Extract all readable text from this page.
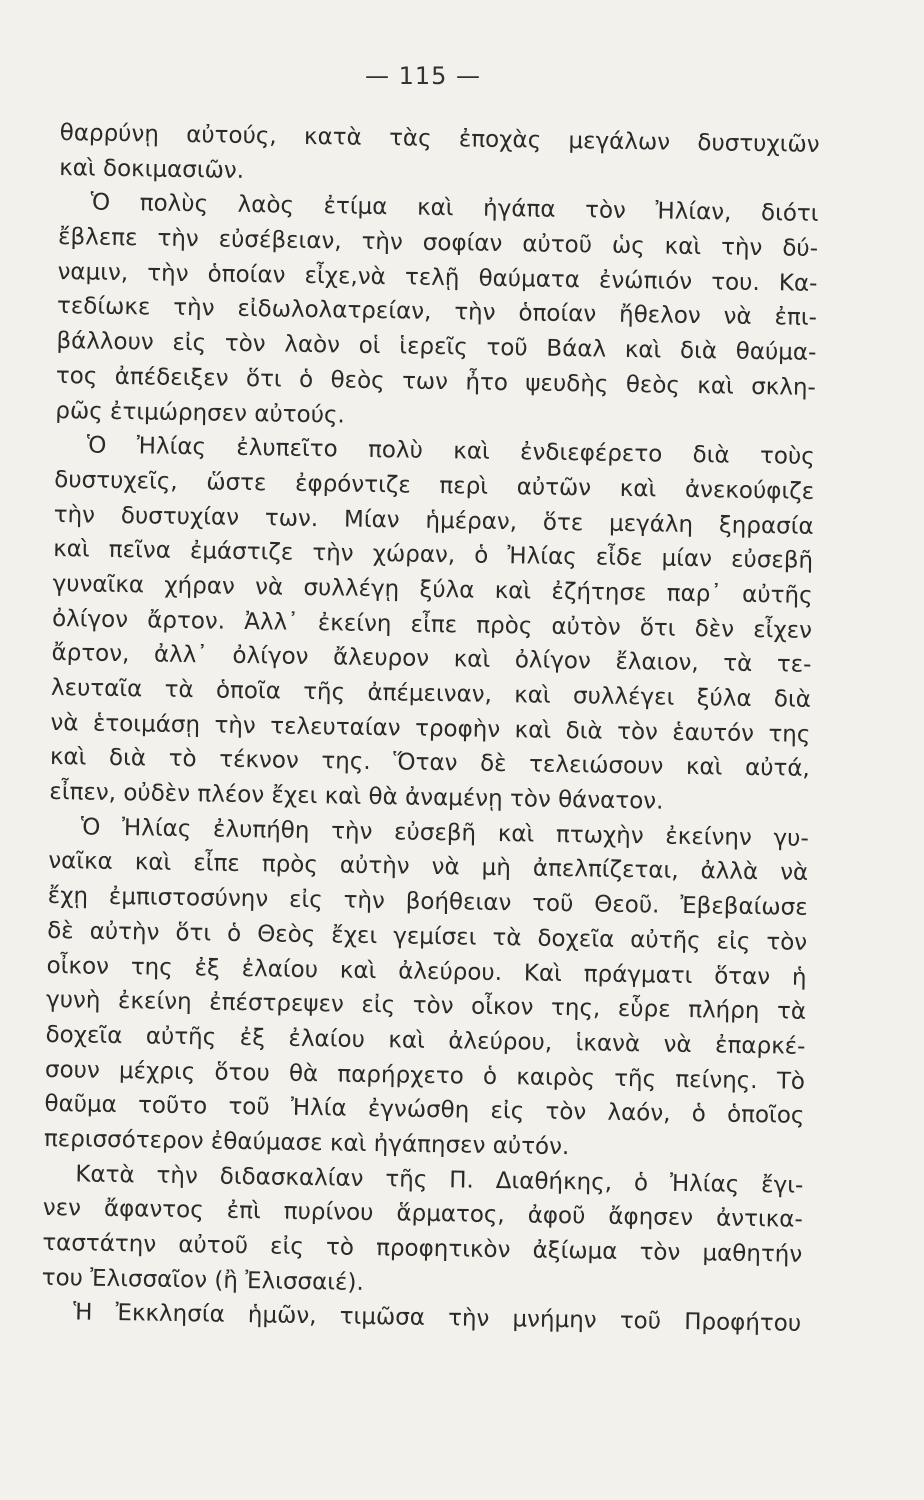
— 115 —
θαρρύνῃ αὐτούς, κατὰ τὰς ἐποχὰς μεγάλων δυστυχιῶν
καὶ δοκιμασιῶν.
Ὁ πολὺς λαὸς ἐτίμα καὶ ἠγάπα τὸν Ἠλίαν, διότι
ἔβλεπε τὴν εὐσέβειαν, τὴν σοφίαν αὐτοῦ ὡς καὶ τὴν δύ-
ναμιν, τὴν ὁποίαν εἶχε,νὰ τελῇ θαύματα ἐνώπιόν του. Κα-
τεδίωκε τὴν εἰδωλολατρείαν, τὴν ὁποίαν ἤθελον νὰ ἐπι-
βάλλουν εἰς τὸν λαὸν οἱ ἱερεῖς τοῦ Βάαλ καὶ διὰ θαύμα-
τος ἀπέδειξεν ὅτι ὁ θεὸς των ἦτο ψευδὴς θεὸς καὶ σκλη-
ρῶς ἐτιμώρησεν αὐτούς.
Ὁ Ἠλίας ἐλυπεῖτο πολὺ καὶ ἐνδιεφέρετο διὰ τοὺς
δυστυχεῖς, ὥστε ἐφρόντιζε περὶ αὐτῶν καὶ ἀνεκούφιζε
τὴν δυστυχίαν των. Μίαν ἡμέραν, ὅτε μεγάλη ξηρασία
καὶ πεῖνα ἐμάστιζε τὴν χώραν, ὁ Ἠλίας εἶδε μίαν εὐσεβῆ
γυναῖκα χήραν νὰ συλλέγῃ ξύλα καὶ ἐζήτησε παρ᾽ αὐτῆς
ὀλίγον ἄρτον. Ἀλλ᾽ ἐκείνη εἶπε πρὸς αὐτὸν ὅτι δὲν εἶχεν
ἄρτον, ἀλλ᾽ ὀλίγον ἄλευρον καὶ ὀλίγον ἔλαιον, τὰ τε-
λευταῖα τὰ ὁποῖα τῆς ἀπέμειναν, καὶ συλλέγει ξύλα διὰ
νὰ ἑτοιμάσῃ τὴν τελευταίαν τροφὴν καὶ διὰ τὸν ἑαυτόν της
καὶ διὰ τὸ τέκνον της. Ὅταν δὲ τελειώσουν καὶ αὐτά,
εἶπεν, οὐδὲν πλέον ἔχει καὶ θὰ ἀναμένῃ τὸν θάνατον.
Ὁ Ἠλίας ἐλυπήθη τὴν εὐσεβῆ καὶ πτωχὴν ἐκείνην γυ-
ναῖκα καὶ εἶπε πρὸς αὐτὴν νὰ μὴ ἀπελπίζεται, ἀλλὰ νὰ
ἔχῃ ἐμπιστοσύνην εἰς τὴν βοήθειαν τοῦ Θεοῦ. Ἐβεβαίωσε
δὲ αὐτὴν ὅτι ὁ Θεὸς ἔχει γεμίσει τὰ δοχεῖα αὐτῆς εἰς τὸν
οἶκον της ἐξ ἐλαίου καὶ ἀλεύρου. Καὶ πράγματι ὅταν ἡ
γυνὴ ἐκείνη ἐπέστρεψεν εἰς τὸν οἶκον της, εὗρε πλήρη τὰ
δοχεῖα αὐτῆς ἐξ ἐλαίου καὶ ἀλεύρου, ἱκανὰ νὰ ἐπαρκέ-
σουν μέχρις ὅτου θὰ παρήρχετο ὁ καιρὸς τῆς πείνης. Τὸ
θαῦμα τοῦτο τοῦ Ἠλία ἐγνώσθη εἰς τὸν λαόν, ὁ ὁποῖος
περισσότερον ἐθαύμασε καὶ ἠγάπησεν αὐτόν.
Κατὰ τὴν διδασκαλίαν τῆς Π. Διαθήκης, ὁ Ἠλίας ἔγι-
νεν ἄφαντος ἐπὶ πυρίνου ἅρματος, ἀφοῦ ἄφησεν ἀντικα-
ταστάτην αὐτοῦ εἰς τὸ προφητικὸν ἀξίωμα τὸν μαθητήν
του Ἐλισσαῖον (ἢ Ἐλισσαιέ).
Ἡ Ἐκκλησία ἡμῶν, τιμῶσα τὴν μνήμην τοῦ Προφήτου
